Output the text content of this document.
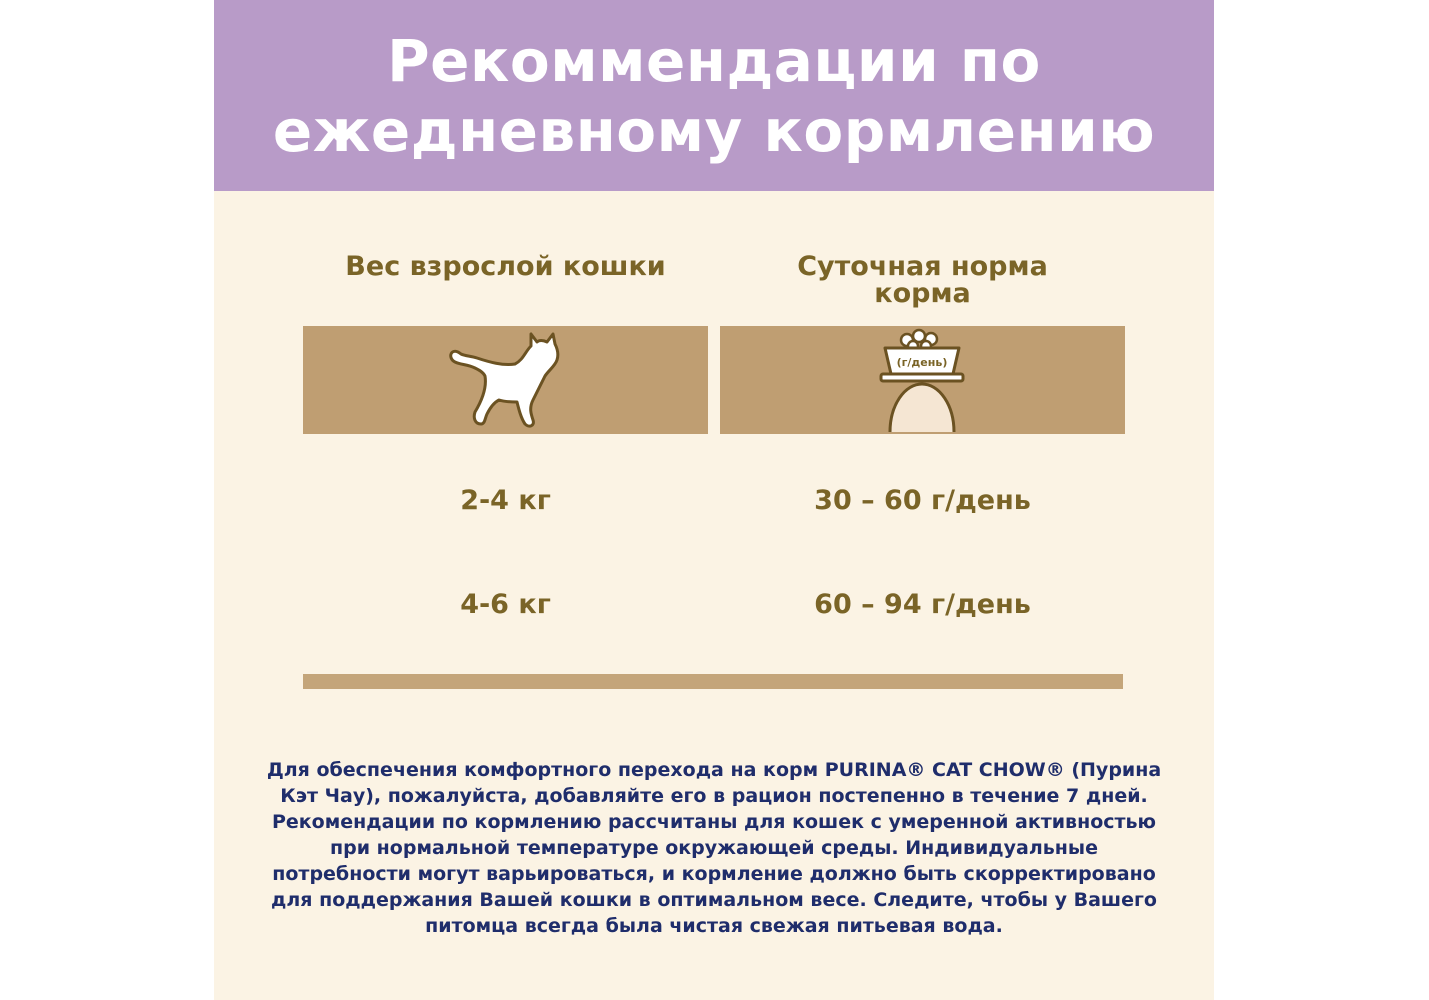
Рекоммендации по
ежедневному кормлению
Вес взрослой кошки	Суточная норма
корма
(г/день)
2-4 кг	30 – 60 г/день
4-6 кг	60 – 94 г/день
Для обеспечения комфортного перехода на корм PURINA® CAT CHOW® (Пурина
Кэт Чау), пожалуйста, добавляйте его в рацион постепенно в течение 7 дней.
Рекомендации по кормлению рассчитаны для кошек с умеренной активностью
при нормальной температуре окружающей среды. Индивидуальные
потребности могут варьироваться, и кормление должно быть скорректировано
для поддержания Вашей кошки в оптимальном весе. Следите, чтобы у Вашего
питомца всегда была чистая свежая питьевая вода.
